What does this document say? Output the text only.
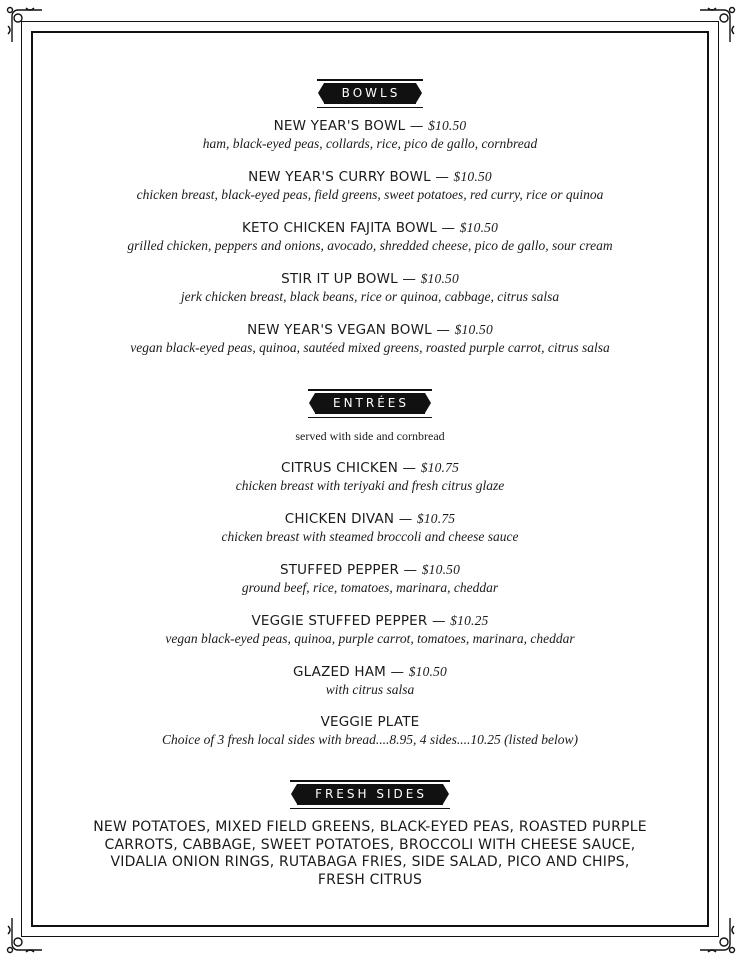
BOWLS
NEW YEAR'S BOWL — $10.50
ham, black-eyed peas, collards, rice, pico de gallo, cornbread
NEW YEAR'S CURRY BOWL — $10.50
chicken breast, black-eyed peas, field greens, sweet potatoes, red curry, rice or quinoa
KETO CHICKEN FAJITA BOWL — $10.50
grilled chicken, peppers and onions, avocado, shredded cheese, pico de gallo, sour cream
STIR IT UP BOWL — $10.50
jerk chicken breast, black beans, rice or quinoa, cabbage, citrus salsa
NEW YEAR'S VEGAN BOWL — $10.50
vegan black-eyed peas, quinoa, sautéed mixed greens, roasted purple carrot, citrus salsa
ENTRÉES
served with side and cornbread
CITRUS CHICKEN — $10.75
chicken breast with teriyaki and fresh citrus glaze
CHICKEN DIVAN — $10.75
chicken breast with steamed broccoli and cheese sauce
STUFFED PEPPER — $10.50
ground beef, rice, tomatoes, marinara, cheddar
VEGGIE STUFFED PEPPER — $10.25
vegan black-eyed peas, quinoa, purple carrot, tomatoes, marinara, cheddar
GLAZED HAM — $10.50
with citrus salsa
VEGGIE PLATE
Choice of 3 fresh local sides with bread....8.95, 4 sides....10.25 (listed below)
FRESH SIDES
NEW POTATOES, MIXED FIELD GREENS, BLACK-EYED PEAS, ROASTED PURPLE CARROTS, CABBAGE, SWEET POTATOES, BROCCOLI WITH CHEESE SAUCE, VIDALIA ONION RINGS, RUTABAGA FRIES, SIDE SALAD, PICO AND CHIPS, FRESH CITRUS
